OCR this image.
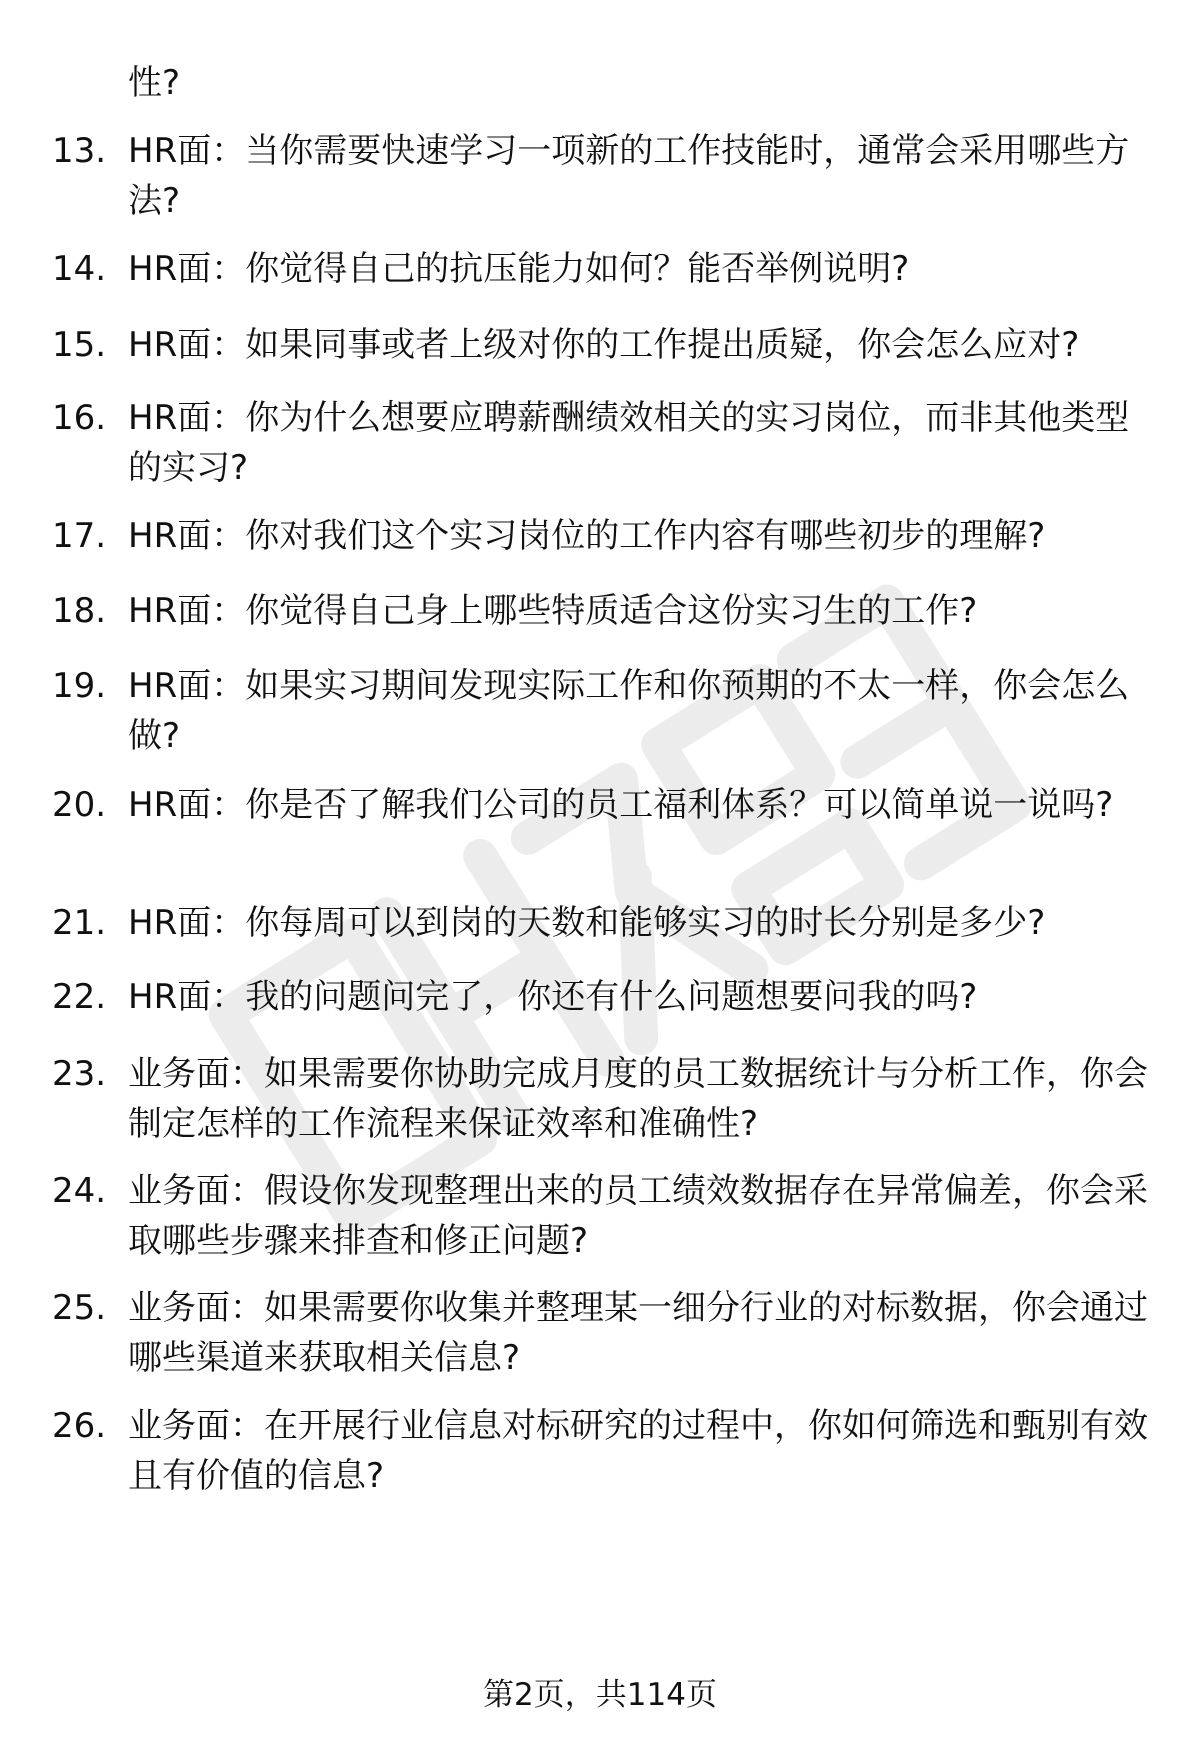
性?

13. HR面：当你需要快速学习一项新的工作技能时，通常会采用哪些方法?

14. HR面：你觉得自己的抗压能力如何？能否举例说明?

15. HR面：如果同事或者上级对你的工作提出质疑，你会怎么应对?

16. HR面：你为什么想要应聘薪酬绩效相关的实习岗位，而非其他类型的实习?

17. HR面：你对我们这个实习岗位的工作内容有哪些初步的理解?

18. HR面：你觉得自己身上哪些特质适合这份实习生的工作?

19. HR面：如果实习期间发现实际工作和你预期的不太一样，你会怎么做?

20. HR面：你是否了解我们公司的员工福利体系？可以简单说一说吗?

21. HR面：你每周可以到岗的天数和能够实习的时长分别是多少?

22. HR面：我的问题问完了，你还有什么问题想要问我的吗?

23. 业务面：如果需要你协助完成月度的员工数据统计与分析工作，你会制定怎样的工作流程来保证效率和准确性?

24. 业务面：假设你发现整理出来的员工绩效数据存在异常偏差，你会采取哪些步骤来排查和修正问题?

25. 业务面：如果需要你收集并整理某一细分行业的对标数据，你会通过哪些渠道来获取相关信息?

26. 业务面：在开展行业信息对标研究的过程中，你如何筛选和甄别有效且有价值的信息?

第2页，共114页
